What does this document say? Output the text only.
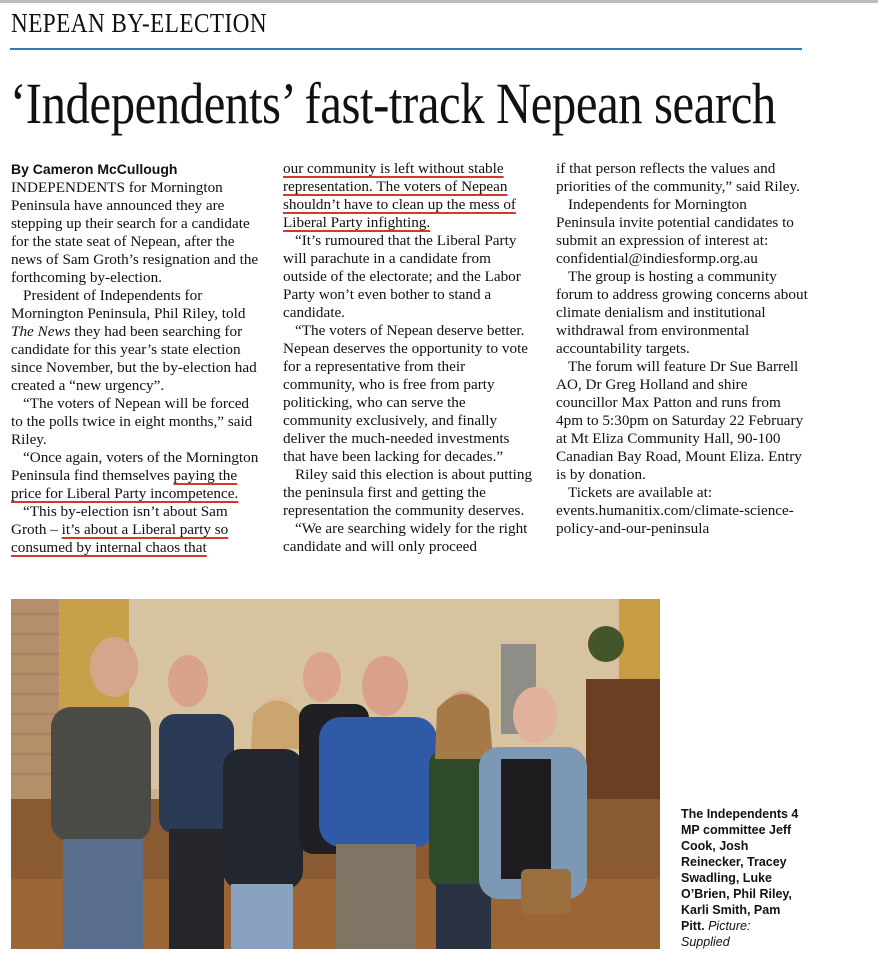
NEPEAN BY-ELECTION
‘Independents’ fast-track Nepean search

By Cameron McCullough

INDEPENDENTS for Mornington Peninsula have announced they are stepping up their search for a candidate for the state seat of Nepean, after the news of Sam Groth’s resignation and the forthcoming by-election.

President of Independents for Mornington Peninsula, Phil Riley, told The News they had been searching for candidate for this year’s state election since November, but the by-election had created a “new urgency”.

“The voters of Nepean will be forced to the polls twice in eight months,” said Riley.

“Once again, voters of the Mornington Peninsula find themselves paying the price for Liberal Party incompetence.

“This by-election isn’t about Sam Groth – it’s about a Liberal party so consumed by internal chaos that

our community is left without stable representation. The voters of Nepean shouldn’t have to clean up the mess of Liberal Party infighting.

“It’s rumoured that the Liberal Party will parachute in a candidate from outside of the electorate; and the Labor Party won’t even bother to stand a candidate.

“The voters of Nepean deserve better. Nepean deserves the opportunity to vote for a representative from their community, who is free from party politicking, who can serve the community exclusively, and finally deliver the much-needed investments that have been lacking for decades.”

Riley said this election is about putting the peninsula first and getting the representation the community deserves.

“We are searching widely for the right candidate and will only proceed

if that person reflects the values and priorities of the community,” said Riley.

Independents for Mornington Peninsula invite potential candidates to submit an expression of interest at: confidential@indiesformp.org.au

The group is hosting a community forum to address growing concerns about climate denialism and institutional withdrawal from environmental accountability targets.

The forum will feature Dr Sue Barrell AO, Dr Greg Holland and shire councillor Max Patton and runs from 4pm to 5:30pm on Saturday 22 February at Mt Eliza Community Hall, 90-100 Canadian Bay Road, Mount Eliza. Entry is by donation.

Tickets are available at: events.humanitix.com/climate-science-policy-and-our-peninsula

The Independents 4 MP committee Jeff Cook, Josh Reinecker, Tracey Swadling, Luke O’Brien, Phil Riley, Karli Smith, Pam Pitt. Picture: Supplied
